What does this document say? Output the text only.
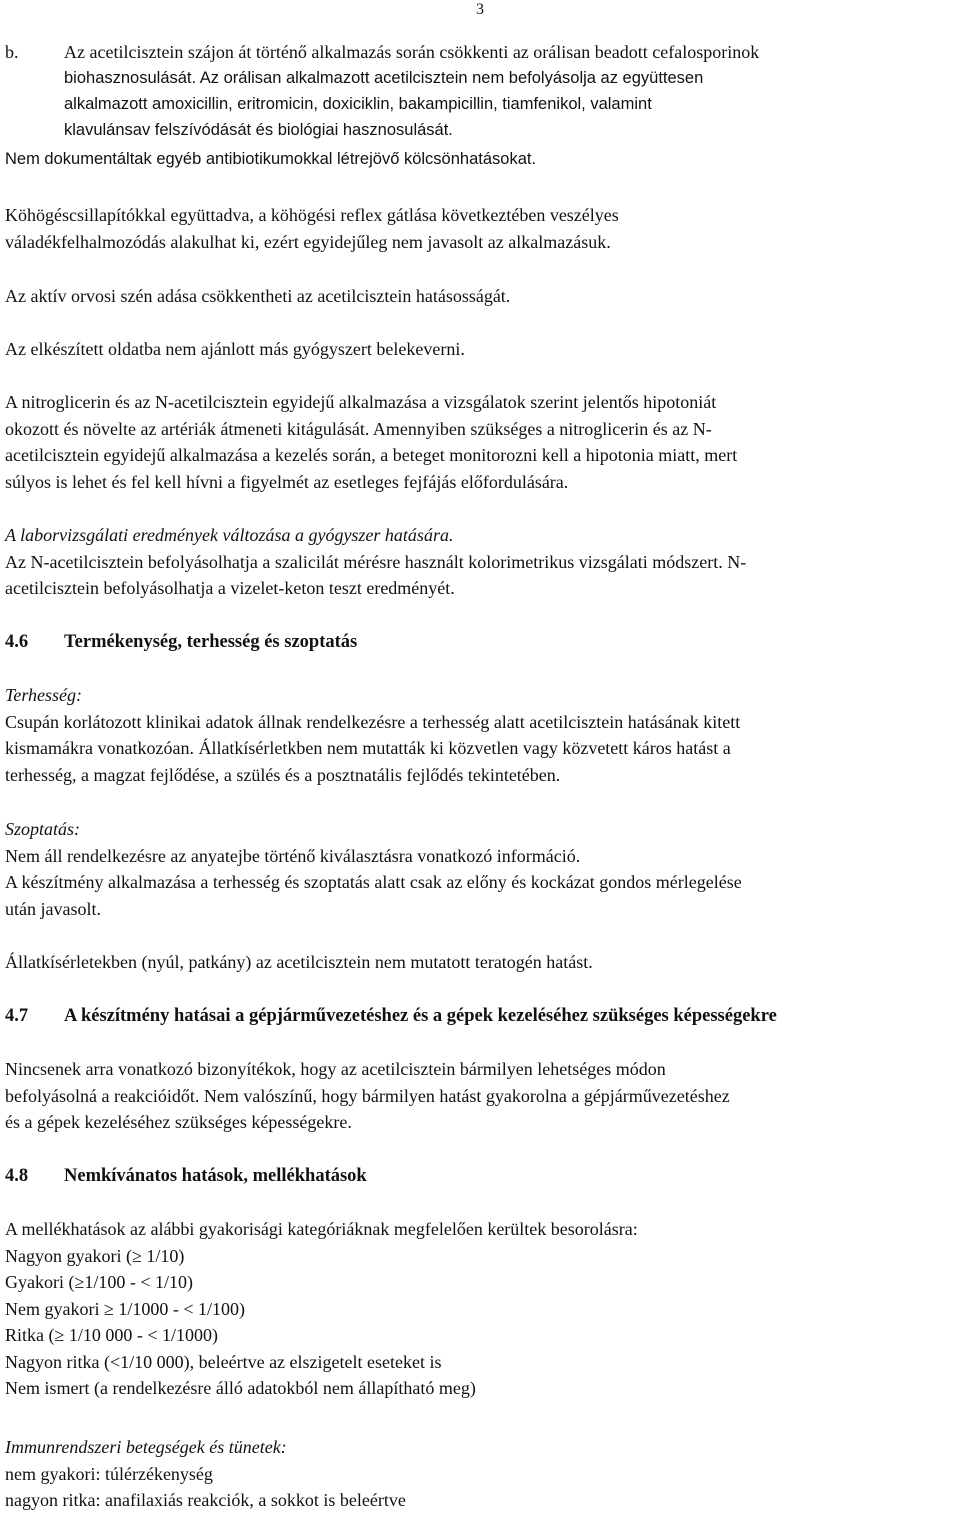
3
b.	Az acetilcisztein szájon át történő alkalmazás során csökkenti az orálisan beadott cefalosporinok
biohasznosulását. Az orálisan alkalmazott acetilcisztein nem befolyásolja az együttesen
alkalmazott amoxicillin, eritromicin, doxiciklin, bakampicillin, tiamfenikol, valamint
klavulánsav felszívódását és biológiai hasznosulását.
Nem dokumentáltak egyéb antibiotikumokkal létrejövő kölcsönhatásokat.
Köhögéscsillapítókkal együttadva, a köhögési reflex gátlása következtében veszélyes
váladékfelhalmozódás alakulhat ki, ezért egyidejűleg nem javasolt az alkalmazásuk.
Az aktív orvosi szén adása csökkentheti az acetilcisztein hatásosságát.
Az elkészített oldatba nem ajánlott más gyógyszert belekeverni.
A nitroglicerin és az N-acetilcisztein egyidejű alkalmazása a vizsgálatok szerint jelentős hipotoniát
okozott és növelte az artériák átmeneti kitágulását. Amennyiben szükséges a nitroglicerin és az N-
acetilcisztein egyidejű alkalmazása a kezelés során, a beteget monitorozni kell a hipotonia miatt, mert
súlyos is lehet és fel kell hívni a figyelmét az esetleges fejfájás előfordulására.
A laborvizsgálati eredmények változása a gyógyszer hatására.
Az N-acetilcisztein befolyásolhatja a szalicilát mérésre használt kolorimetrikus vizsgálati módszert. N-
acetilcisztein befolyásolhatja a vizelet-keton teszt eredményét.
4.6 Termékenység, terhesség és szoptatás
Terhesség:
Csupán korlátozott klinikai adatok állnak rendelkezésre a terhesség alatt acetilcisztein hatásának kitett
kismamákra vonatkozóan. Állatkísérletkben nem mutatták ki közvetlen vagy közvetett káros hatást a
terhesség, a magzat fejlődése, a szülés és a posztnatális fejlődés tekintetében.
Szoptatás:
Nem áll rendelkezésre az anyatejbe történő kiválasztásra vonatkozó információ.
A készítmény alkalmazása a terhesség és szoptatás alatt csak az előny és kockázat gondos mérlegelése
után javasolt.
Állatkísérletekben (nyúl, patkány) az acetilcisztein nem mutatott teratogén hatást.
4.7 A készítmény hatásai a gépjárművezetéshez és a gépek kezeléséhez szükséges képességekre
Nincsenek arra vonatkozó bizonyítékok, hogy az acetilcisztein bármilyen lehetséges módon
befolyásolná a reakcióidőt. Nem valószínű, hogy bármilyen hatást gyakorolna a gépjárművezetéshez
és a gépek kezeléséhez szükséges képességekre.
4.8 Nemkívánatos hatások, mellékhatások
A mellékhatások az alábbi gyakorisági kategóriáknak megfelelően kerültek besorolásra:
Nagyon gyakori (≥ 1/10)
Gyakori (≥1/100 - < 1/10)
Nem gyakori ≥ 1/1000 - < 1/100)
Ritka (≥ 1/10 000 - < 1/1000)
Nagyon ritka (<1/10 000), beleértve az elszigetelt eseteket is
Nem ismert (a rendelkezésre álló adatokból nem állapítható meg)
Immunrendszeri betegségek és tünetek:
nem gyakori: túlérzékenység
nagyon ritka: anafilaxiás reakciók, a sokkot is beleértve
